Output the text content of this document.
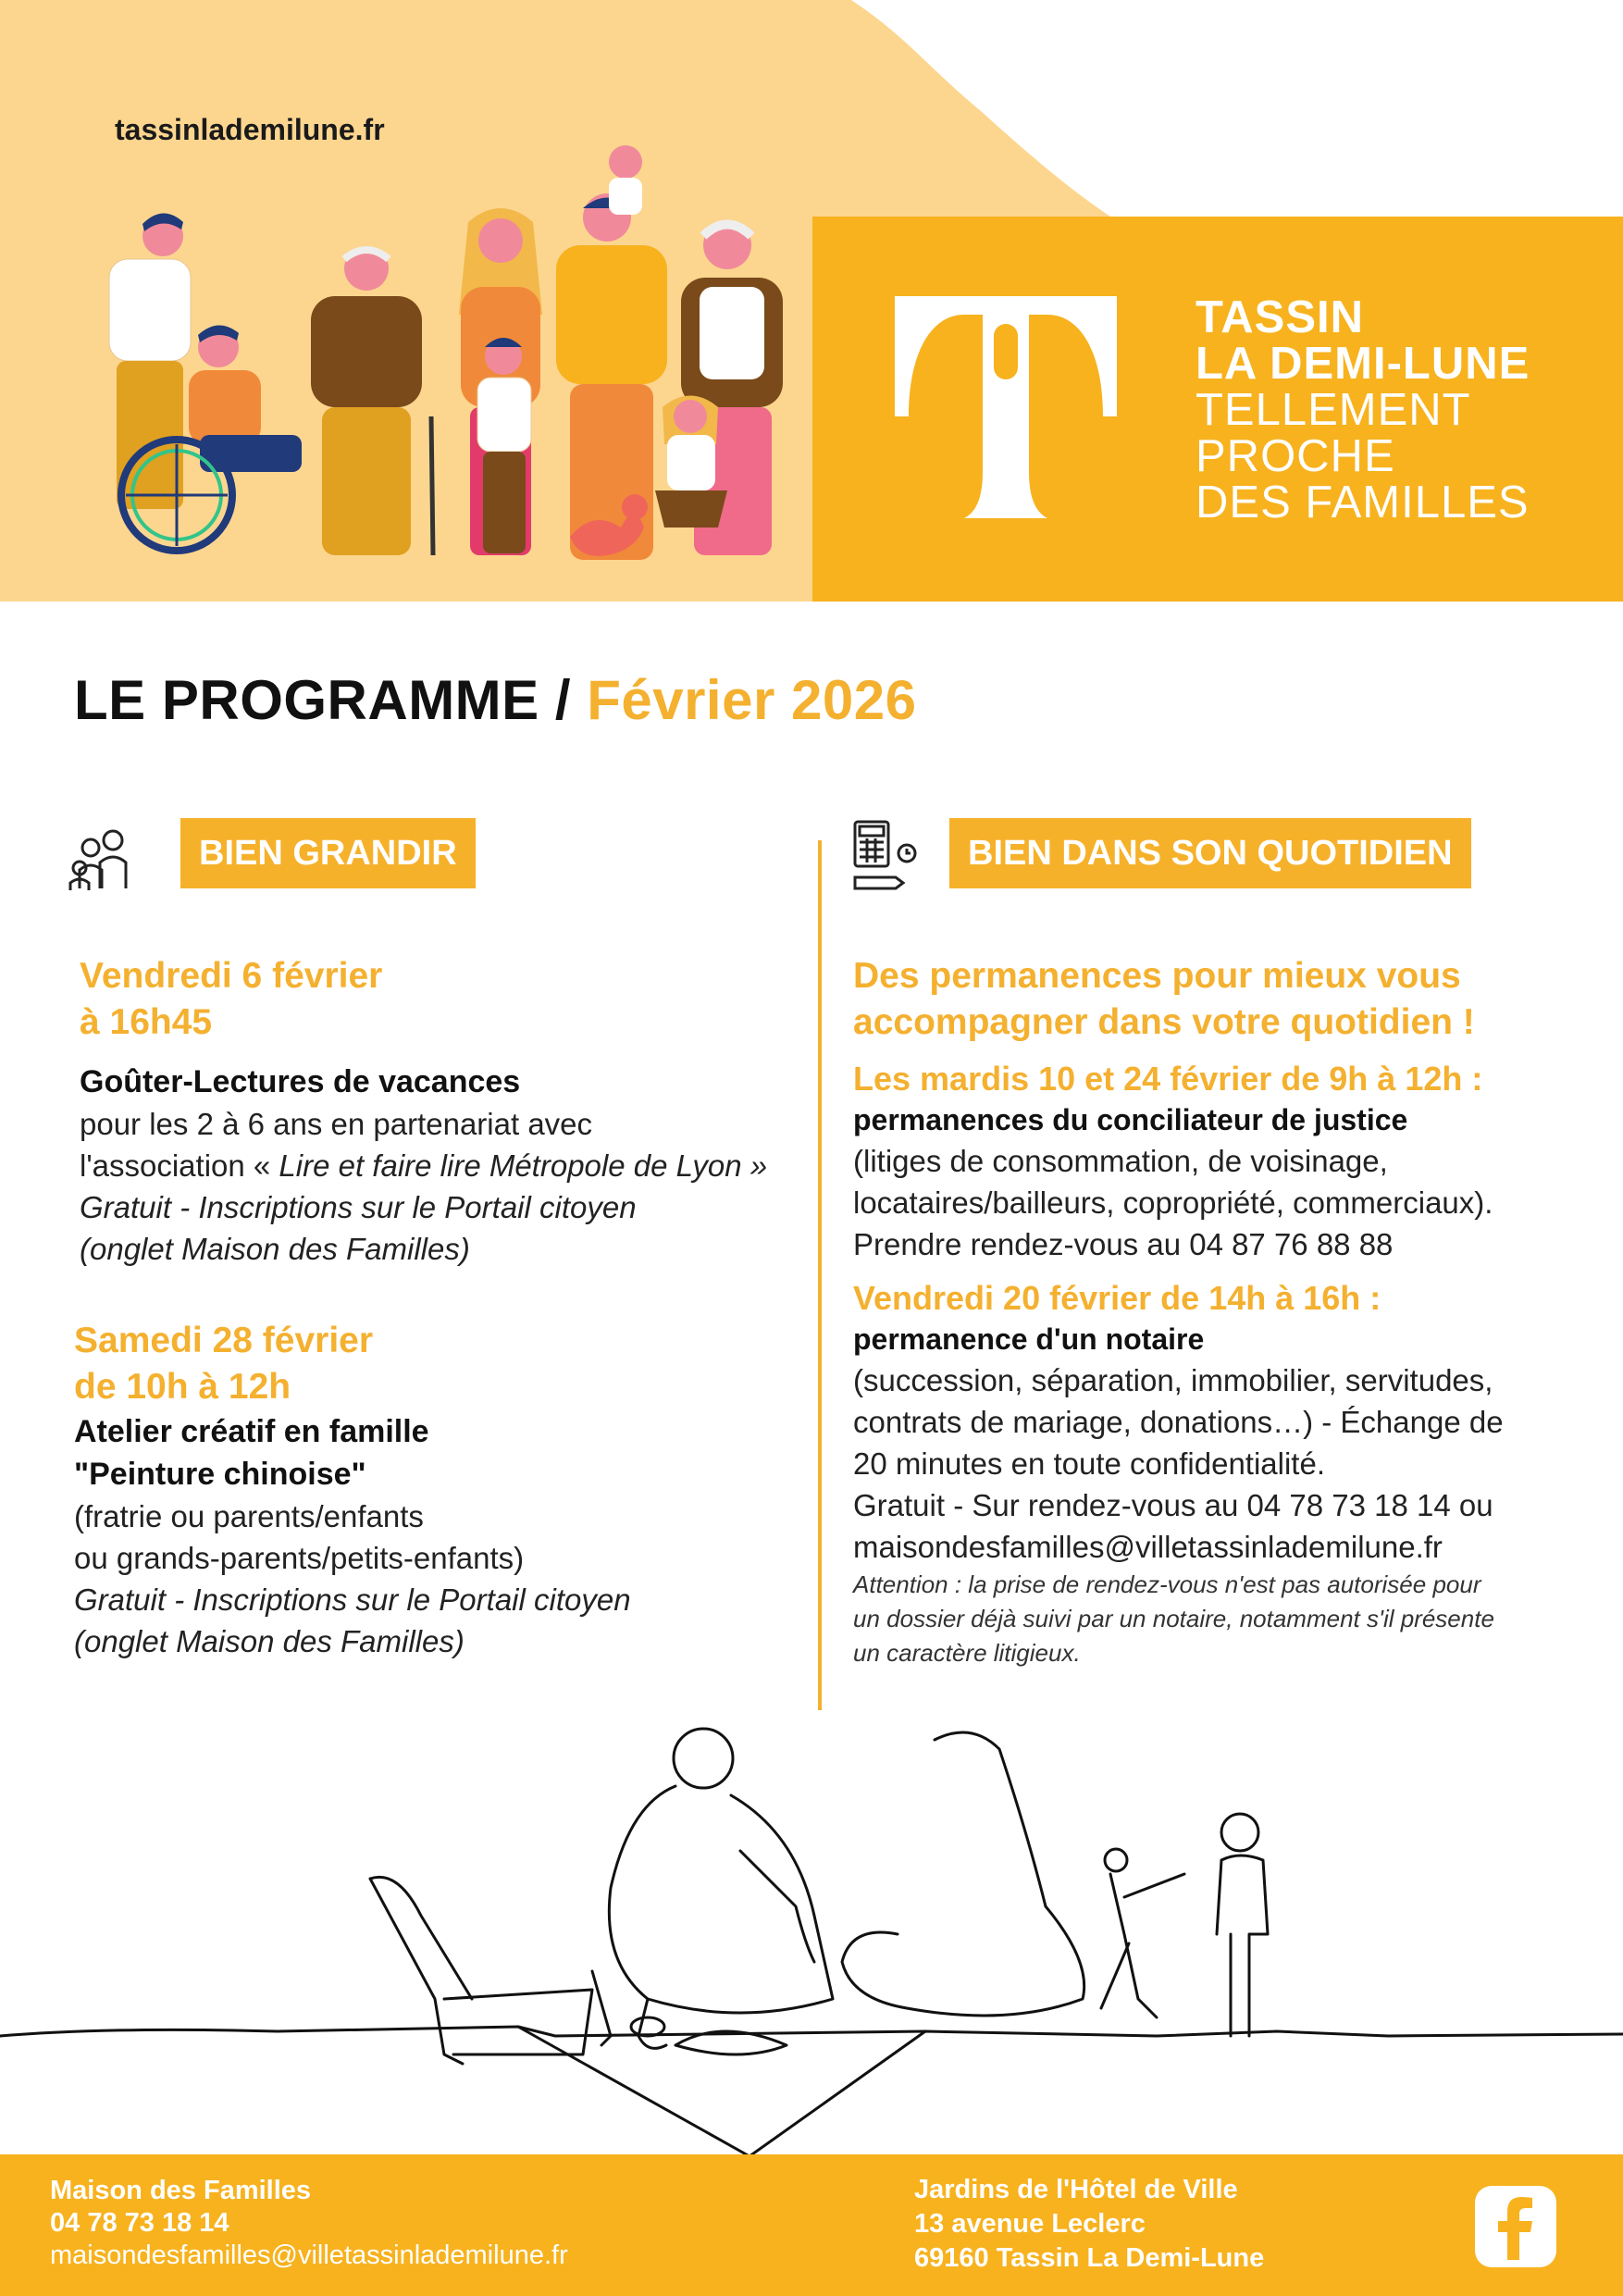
tassinlademilune.fr
TASSIN
LA DEMI-LUNE
TELLEMENT
PROCHE
DES FAMILLES
LE PROGRAMME / Février 2026
BIEN GRANDIR	BIEN DANS SON QUOTIDIEN
Vendredi 6 février
à 16h45
Goûter-Lectures de vacances
pour les 2 à 6 ans en partenariat avec
l'association « Lire et faire lire Métropole de Lyon »
Gratuit - Inscriptions sur le Portail citoyen
(onglet Maison des Familles)
Samedi 28 février
de 10h à 12h
Atelier créatif en famille
"Peinture chinoise"
(fratrie ou parents/enfants
ou grands-parents/petits-enfants)
Gratuit - Inscriptions sur le Portail citoyen
(onglet Maison des Familles)
Des permanences pour mieux vous
accompagner dans votre quotidien !
Les mardis 10 et 24 février de 9h à 12h :
permanences du conciliateur de justice
(litiges de consommation, de voisinage,
locataires/bailleurs, copropriété, commerciaux).
Prendre rendez-vous au 04 87 76 88 88
Vendredi 20 février de 14h à 16h :
permanence d'un notaire
(succession, séparation, immobilier, servitudes,
contrats de mariage, donations…) - Échange de
20 minutes en toute confidentialité.
Gratuit - Sur rendez-vous au 04 78 73 18 14 ou
maisondesfamilles@villetassinlademilune.fr
Attention : la prise de rendez-vous n'est pas autorisée pour
un dossier déjà suivi par un notaire, notamment s'il présente
un caractère litigieux.
Maison des Familles
04 78 73 18 14
maisondesfamilles@villetassinlademilune.fr
Jardins de l'Hôtel de Ville
13 avenue Leclerc
69160 Tassin La Demi-Lune
